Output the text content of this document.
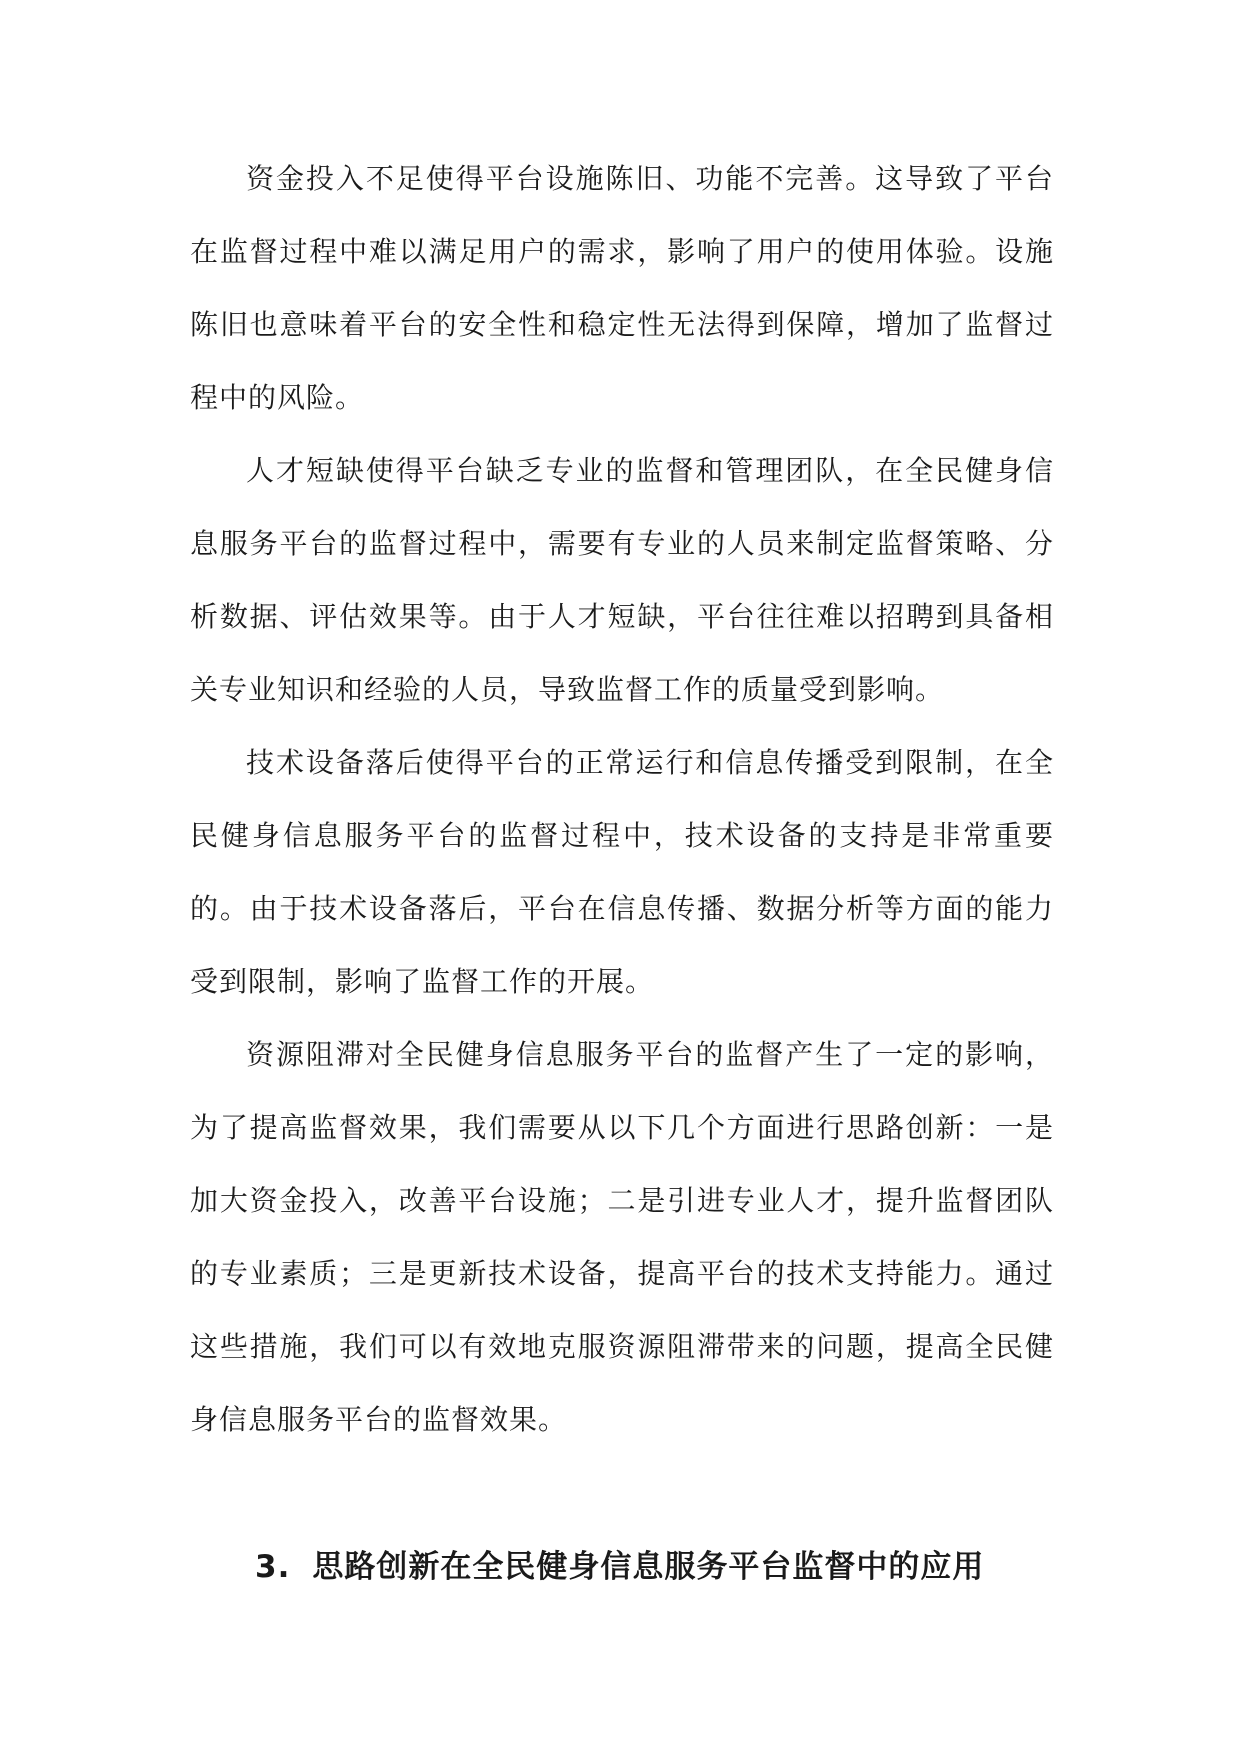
资金投入不足使得平台设施陈旧、功能不完善。这导致了平台在监督过程中难以满足用户的需求，影响了用户的使用体验。设施陈旧也意味着平台的安全性和稳定性无法得到保障，增加了监督过程中的风险。

人才短缺使得平台缺乏专业的监督和管理团队，在全民健身信息服务平台的监督过程中，需要有专业的人员来制定监督策略、分析数据、评估效果等。由于人才短缺，平台往往难以招聘到具备相关专业知识和经验的人员，导致监督工作的质量受到影响。

技术设备落后使得平台的正常运行和信息传播受到限制，在全民健身信息服务平台的监督过程中，技术设备的支持是非常重要的。由于技术设备落后，平台在信息传播、数据分析等方面的能力受到限制，影响了监督工作的开展。

资源阻滞对全民健身信息服务平台的监督产生了一定的影响，为了提高监督效果，我们需要从以下几个方面进行思路创新：一是加大资金投入，改善平台设施；二是引进专业人才，提升监督团队的专业素质；三是更新技术设备，提高平台的技术支持能力。通过这些措施，我们可以有效地克服资源阻滞带来的问题，提高全民健身信息服务平台的监督效果。

3. 思路创新在全民健身信息服务平台监督中的应用
